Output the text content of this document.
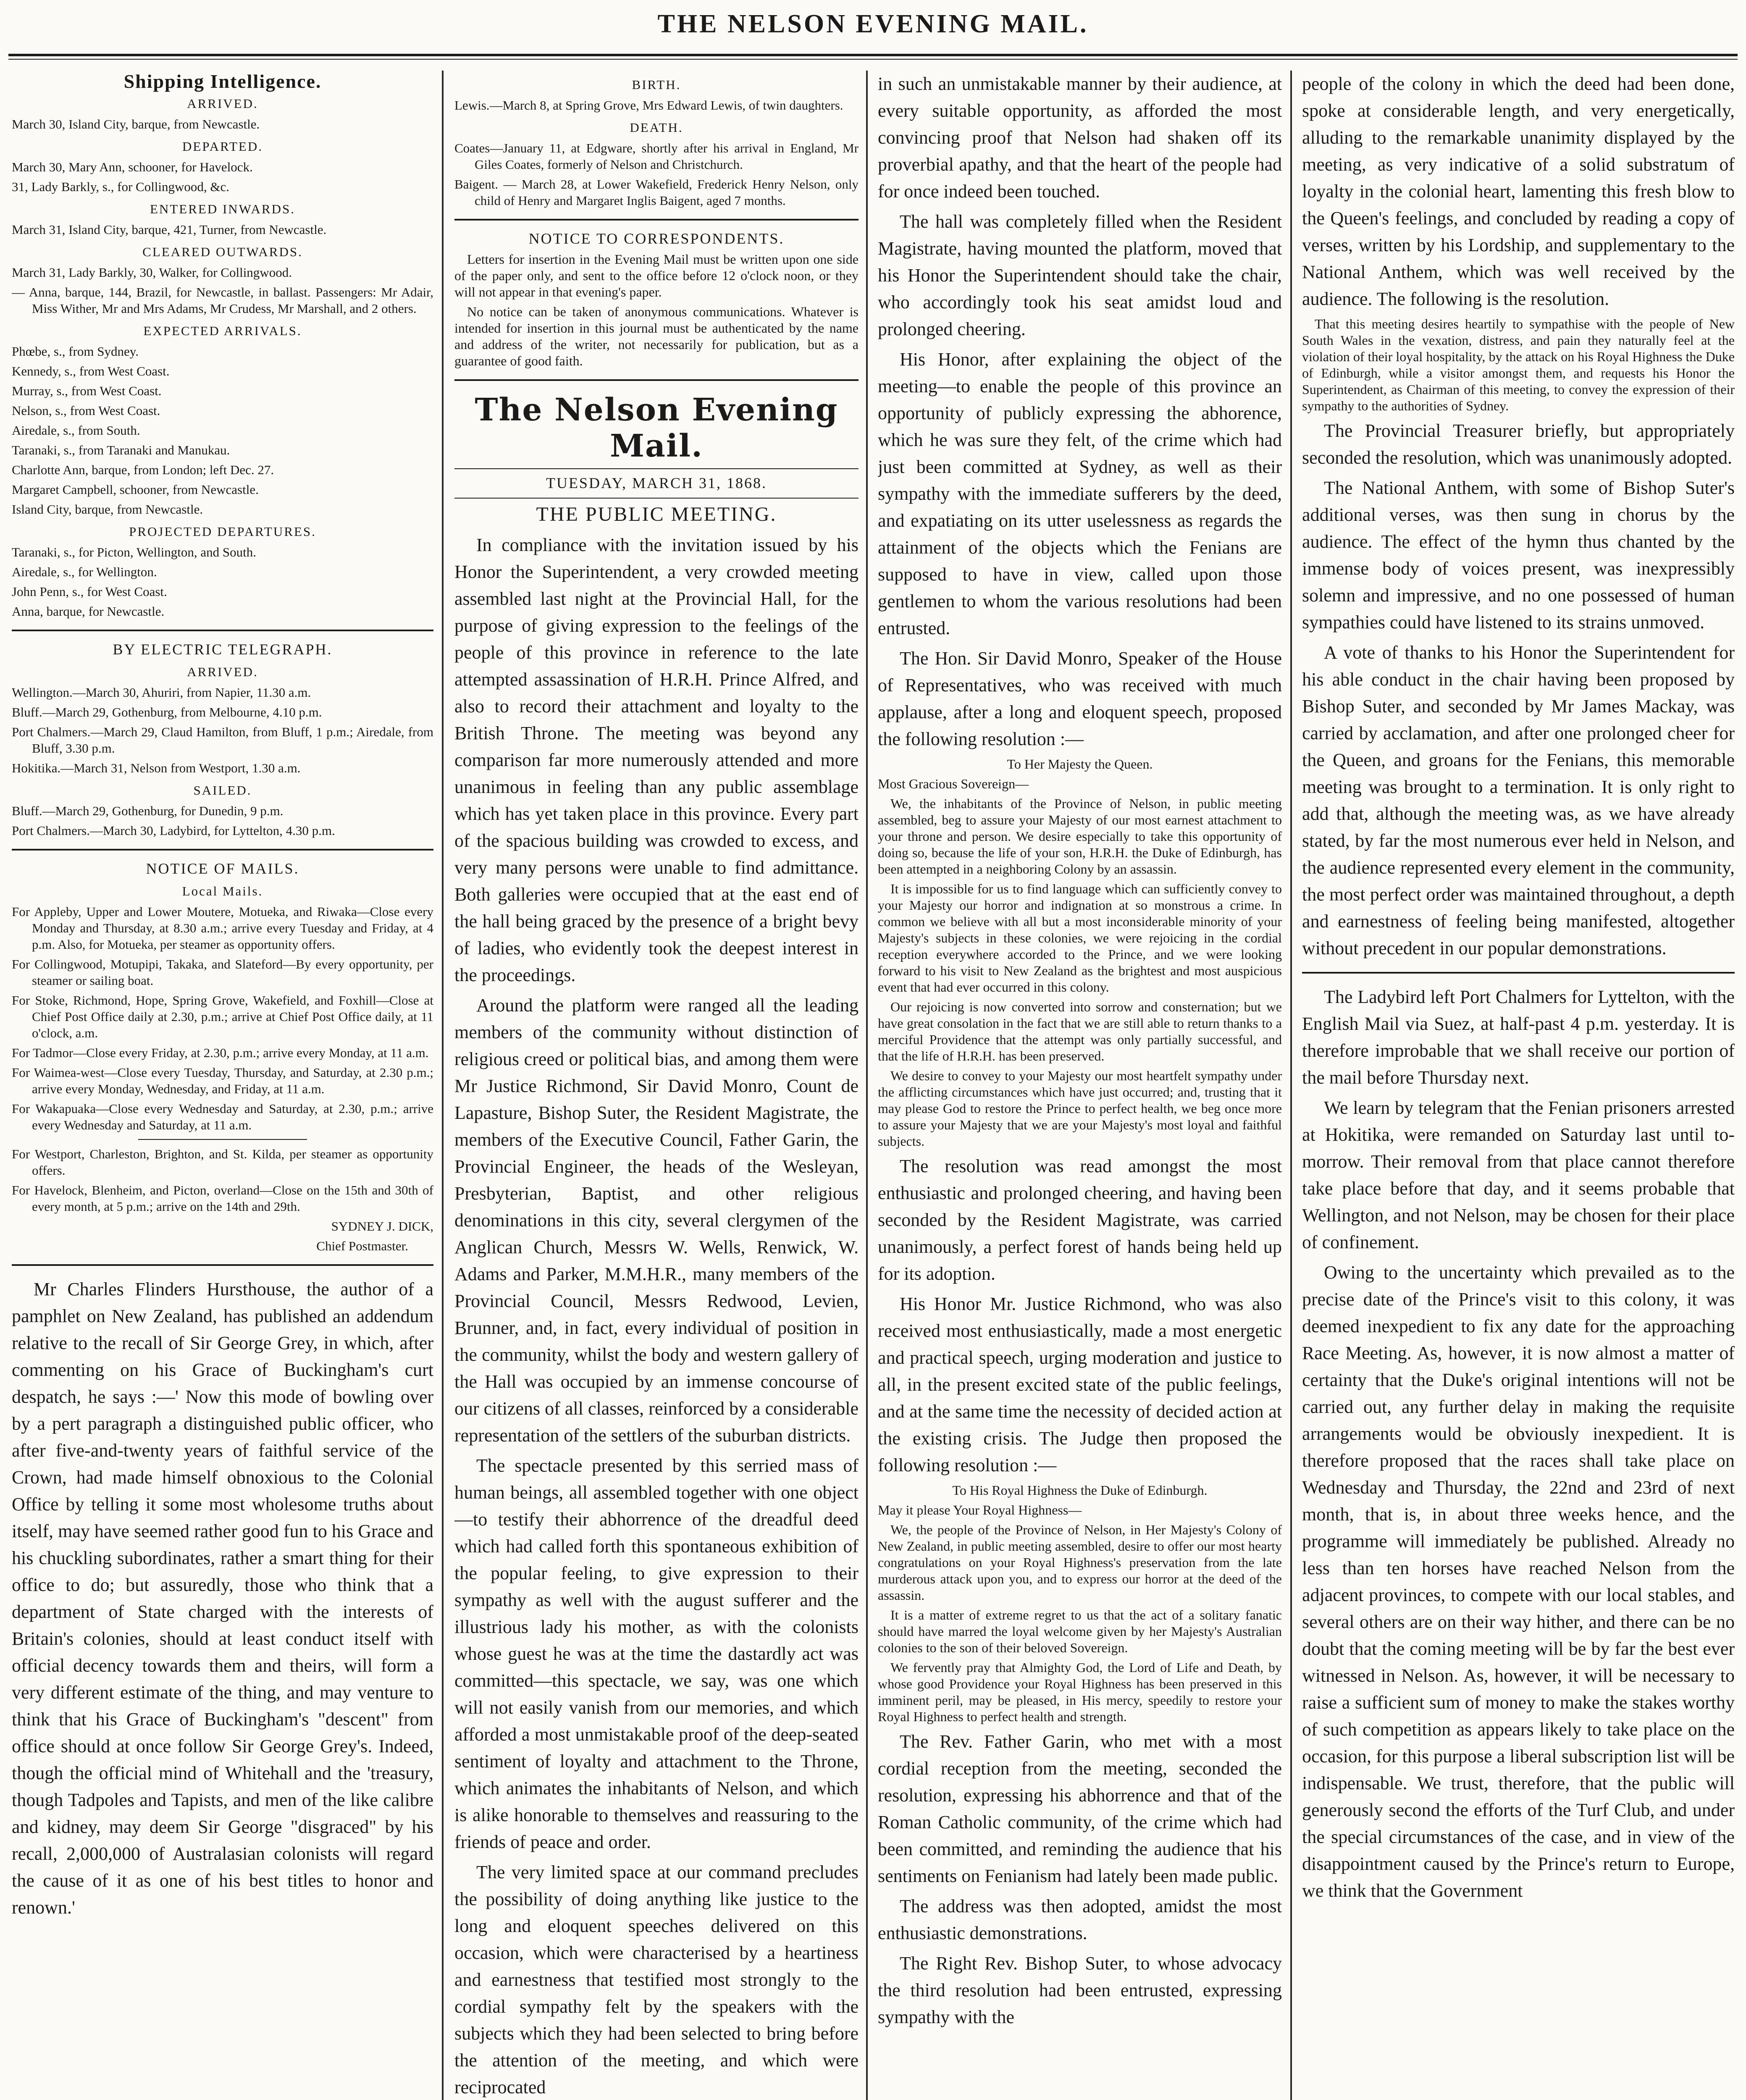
THE NELSON EVENING MAIL.
Shipping Intelligence.
ARRIVED.

March 30, Island City, barque, from Newcastle.

DEPARTED.

March 30, Mary Ann, schooner, for Havelock.

31, Lady Barkly, s., for Collingwood, &c.

ENTERED INWARDS.

March 31, Island City, barque, 421, Turner, from Newcastle.

CLEARED OUTWARDS.

March 31, Lady Barkly, 30, Walker, for Collingwood.

— Anna, barque, 144, Brazil, for Newcastle, in ballast. Passengers: Mr Adair, Miss Wither, Mr and Mrs Adams, Mr Crudess, Mr Marshall, and 2 others.

EXPECTED ARRIVALS.

Phœbe, s., from Sydney.

Kennedy, s., from West Coast.

Murray, s., from West Coast.

Nelson, s., from West Coast.

Airedale, s., from South.

Taranaki, s., from Taranaki and Manukau.

Charlotte Ann, barque, from London; left Dec. 27.

Margaret Campbell, schooner, from Newcastle.

Island City, barque, from Newcastle.

PROJECTED DEPARTURES.

Taranaki, s., for Picton, Wellington, and South.

Airedale, s., for Wellington.

John Penn, s., for West Coast.

Anna, barque, for Newcastle.

BY ELECTRIC TELEGRAPH.
ARRIVED.

Wellington.—March 30, Ahuriri, from Napier, 11.30 a.m.

Bluff.—March 29, Gothenburg, from Melbourne, 4.10 p.m.

Port Chalmers.—March 29, Claud Hamilton, from Bluff, 1 p.m.; Airedale, from Bluff, 3.30 p.m.

Hokitika.—March 31, Nelson from Westport, 1.30 a.m.

SAILED.

Bluff.—March 29, Gothenburg, for Dunedin, 9 p.m.

Port Chalmers.—March 30, Ladybird, for Lyttelton, 4.30 p.m.

NOTICE OF MAILS.
Local Mails.

For Appleby, Upper and Lower Moutere, Motueka, and Riwaka—Close every Monday and Thursday, at 8.30 a.m.; arrive every Tuesday and Friday, at 4 p.m. Also, for Motueka, per steamer as opportunity offers.

For Collingwood, Motupipi, Takaka, and Slateford—By every opportunity, per steamer or sailing boat.

For Stoke, Richmond, Hope, Spring Grove, Wakefield, and Foxhill—Close at Chief Post Office daily at 2.30, p.m.; arrive at Chief Post Office daily, at 11 o'clock, a.m.

For Tadmor—Close every Friday, at 2.30, p.m.; arrive every Monday, at 11 a.m.

For Waimea-west—Close every Tuesday, Thursday, and Saturday, at 2.30 p.m.; arrive every Monday, Wednesday, and Friday, at 11 a.m.

For Wakapuaka—Close every Wednesday and Saturday, at 2.30, p.m.; arrive every Wednesday and Saturday, at 11 a.m.

For Westport, Charleston, Brighton, and St. Kilda, per steamer as opportunity offers.

For Havelock, Blenheim, and Picton, overland—Close on the 15th and 30th of every month, at 5 p.m.; arrive on the 14th and 29th.

SYDNEY J. DICK,

Chief Postmaster.

Mr Charles Flinders Hursthouse, the author of a pamphlet on New Zealand, has published an addendum relative to the recall of Sir George Grey, in which, after commenting on his Grace of Buckingham's curt despatch, he says :—' Now this mode of bowling over by a pert paragraph a distinguished public officer, who after five-and-twenty years of faithful service of the Crown, had made himself obnoxious to the Colonial Office by telling it some most wholesome truths about itself, may have seemed rather good fun to his Grace and his chuckling subordinates, rather a smart thing for their office to do; but assuredly, those who think that a department of State charged with the interests of Britain's colonies, should at least conduct itself with official decency towards them and theirs, will form a very different estimate of the thing, and may venture to think that his Grace of Buckingham's "descent" from office should at once follow Sir George Grey's. Indeed, though the official mind of Whitehall and the 'treasury, though Tadpoles and Tapists, and men of the like calibre and kidney, may deem Sir George "disgraced" by his recall, 2,000,000 of Australasian colonists will regard the cause of it as one of his best titles to honor and renown.'

BIRTH.

Lewis.—March 8, at Spring Grove, Mrs Edward Lewis, of twin daughters.

DEATH.

Coates—January 11, at Edgware, shortly after his arrival in England, Mr Giles Coates, formerly of Nelson and Christchurch.

Baigent. — March 28, at Lower Wakefield, Frederick Henry Nelson, only child of Henry and Margaret Inglis Baigent, aged 7 months.

NOTICE TO CORRESPONDENTS.

Letters for insertion in the Evening Mail must be written upon one side of the paper only, and sent to the office before 12 o'clock noon, or they will not appear in that evening's paper.

No notice can be taken of anonymous communications. Whatever is intended for insertion in this journal must be authenticated by the name and address of the writer, not necessarily for publication, but as a guarantee of good faith.

The Nelson Evening Mail.
TUESDAY, MARCH 31, 1868.
THE PUBLIC MEETING.

In compliance with the invitation issued by his Honor the Superintendent, a very crowded meeting assembled last night at the Provincial Hall, for the purpose of giving expression to the feelings of the people of this province in reference to the late attempted assassination of H.R.H. Prince Alfred, and also to record their attachment and loyalty to the British Throne. The meeting was beyond any comparison far more numerously attended and more unanimous in feeling than any public assemblage which has yet taken place in this province. Every part of the spacious building was crowded to excess, and very many persons were unable to find admittance. Both galleries were occupied that at the east end of the hall being graced by the presence of a bright bevy of ladies, who evidently took the deepest interest in the proceedings.

Around the platform were ranged all the leading members of the community without distinction of religious creed or political bias, and among them were Mr Justice Richmond, Sir David Monro, Count de Lapasture, Bishop Suter, the Resident Magistrate, the members of the Executive Council, Father Garin, the Provincial Engineer, the heads of the Wesleyan, Presbyterian, Baptist, and other religious denominations in this city, several clergymen of the Anglican Church, Messrs W. Wells, Renwick, W. Adams and Parker, M.M.H.R., many members of the Provincial Council, Messrs Redwood, Levien, Brunner, and, in fact, every individual of position in the community, whilst the body and western gallery of the Hall was occupied by an immense concourse of our citizens of all classes, reinforced by a considerable representation of the settlers of the suburban districts.

The spectacle presented by this serried mass of human beings, all assembled together with one object—to testify their abhorrence of the dreadful deed which had called forth this spontaneous exhibition of the popular feeling, to give expression to their sympathy as well with the august sufferer and the illustrious lady his mother, as with the colonists whose guest he was at the time the dastardly act was committed—this spectacle, we say, was one which will not easily vanish from our memories, and which afforded a most unmistakable proof of the deep-seated sentiment of loyalty and attachment to the Throne, which animates the inhabitants of Nelson, and which is alike honorable to themselves and reassuring to the friends of peace and order.

The very limited space at our command precludes the possibility of doing anything like justice to the long and eloquent speeches delivered on this occasion, which were characterised by a heartiness and earnestness that testified most strongly to the cordial sympathy felt by the speakers with the subjects which they had been selected to bring before the attention of the meeting, and which were reciprocated

in such an unmistakable manner by their audience, at every suitable opportunity, as afforded the most convincing proof that Nelson had shaken off its proverbial apathy, and that the heart of the people had for once indeed been touched.

The hall was completely filled when the Resident Magistrate, having mounted the platform, moved that his Honor the Superintendent should take the chair, who accordingly took his seat amidst loud and prolonged cheering.

His Honor, after explaining the object of the meeting—to enable the people of this province an opportunity of publicly expressing the abhorence, which he was sure they felt, of the crime which had just been committed at Sydney, as well as their sympathy with the immediate sufferers by the deed, and expatiating on its utter uselessness as regards the attainment of the objects which the Fenians are supposed to have in view, called upon those gentlemen to whom the various resolutions had been entrusted.

The Hon. Sir David Monro, Speaker of the House of Representatives, who was received with much applause, after a long and eloquent speech, proposed the following resolution :—

To Her Majesty the Queen.

Most Gracious Sovereign—

We, the inhabitants of the Province of Nelson, in public meeting assembled, beg to assure your Majesty of our most earnest attachment to your throne and person. We desire especially to take this opportunity of doing so, because the life of your son, H.R.H. the Duke of Edinburgh, has been attempted in a neighboring Colony by an assassin.

It is impossible for us to find language which can sufficiently convey to your Majesty our horror and indignation at so monstrous a crime. In common we believe with all but a most inconsiderable minority of your Majesty's subjects in these colonies, we were rejoicing in the cordial reception everywhere accorded to the Prince, and we were looking forward to his visit to New Zealand as the brightest and most auspicious event that had ever occurred in this colony.

Our rejoicing is now converted into sorrow and consternation; but we have great consolation in the fact that we are still able to return thanks to a merciful Providence that the attempt was only partially successful, and that the life of H.R.H. has been preserved.

We desire to convey to your Majesty our most heartfelt sympathy under the afflicting circumstances which have just occurred; and, trusting that it may please God to restore the Prince to perfect health, we beg once more to assure your Majesty that we are your Majesty's most loyal and faithful subjects.

The resolution was read amongst the most enthusiastic and prolonged cheering, and having been seconded by the Resident Magistrate, was carried unanimously, a perfect forest of hands being held up for its adoption.

His Honor Mr. Justice Richmond, who was also received most enthusiastically, made a most energetic and practical speech, urging moderation and justice to all, in the present excited state of the public feelings, and at the same time the necessity of decided action at the existing crisis. The Judge then proposed the following resolution :—

To His Royal Highness the Duke of Edinburgh.

May it please Your Royal Highness—

We, the people of the Province of Nelson, in Her Majesty's Colony of New Zealand, in public meeting assembled, desire to offer our most hearty congratulations on your Royal Highness's preservation from the late murderous attack upon you, and to express our horror at the deed of the assassin.

It is a matter of extreme regret to us that the act of a solitary fanatic should have marred the loyal welcome given by her Majesty's Australian colonies to the son of their beloved Sovereign.

We fervently pray that Almighty God, the Lord of Life and Death, by whose good Providence your Royal Highness has been preserved in this imminent peril, may be pleased, in His mercy, speedily to restore your Royal Highness to perfect health and strength.

The Rev. Father Garin, who met with a most cordial reception from the meeting, seconded the resolution, expressing his abhorrence and that of the Roman Catholic community, of the crime which had been committed, and reminding the audience that his sentiments on Fenianism had lately been made public.

The address was then adopted, amidst the most enthusiastic demonstrations.

The Right Rev. Bishop Suter, to whose advocacy the third resolution had been entrusted, expressing sympathy with the

people of the colony in which the deed had been done, spoke at considerable length, and very energetically, alluding to the remarkable unanimity displayed by the meeting, as very indicative of a solid substratum of loyalty in the colonial heart, lamenting this fresh blow to the Queen's feelings, and concluded by reading a copy of verses, written by his Lordship, and supplementary to the National Anthem, which was well received by the audience. The following is the resolution.

That this meeting desires heartily to sympathise with the people of New South Wales in the vexation, distress, and pain they naturally feel at the violation of their loyal hospitality, by the attack on his Royal Highness the Duke of Edinburgh, while a visitor amongst them, and requests his Honor the Superintendent, as Chairman of this meeting, to convey the expression of their sympathy to the authorities of Sydney.

The Provincial Treasurer briefly, but appropriately seconded the resolution, which was unanimously adopted.

The National Anthem, with some of Bishop Suter's additional verses, was then sung in chorus by the audience. The effect of the hymn thus chanted by the immense body of voices present, was inexpressibly solemn and impressive, and no one possessed of human sympathies could have listened to its strains unmoved.

A vote of thanks to his Honor the Superintendent for his able conduct in the chair having been proposed by Bishop Suter, and seconded by Mr James Mackay, was carried by acclamation, and after one prolonged cheer for the Queen, and groans for the Fenians, this memorable meeting was brought to a termination. It is only right to add that, although the meeting was, as we have already stated, by far the most numerous ever held in Nelson, and the audience represented every element in the community, the most perfect order was maintained throughout, a depth and earnestness of feeling being manifested, altogether without precedent in our popular demonstrations.

The Ladybird left Port Chalmers for Lyttelton, with the English Mail via Suez, at half-past 4 p.m. yesterday. It is therefore improbable that we shall receive our portion of the mail before Thursday next.

We learn by telegram that the Fenian prisoners arrested at Hokitika, were remanded on Saturday last until to-morrow. Their removal from that place cannot therefore take place before that day, and it seems probable that Wellington, and not Nelson, may be chosen for their place of confinement.

Owing to the uncertainty which prevailed as to the precise date of the Prince's visit to this colony, it was deemed inexpedient to fix any date for the approaching Race Meeting. As, however, it is now almost a matter of certainty that the Duke's original intentions will not be carried out, any further delay in making the requisite arrangements would be obviously inexpedient. It is therefore proposed that the races shall take place on Wednesday and Thursday, the 22nd and 23rd of next month, that is, in about three weeks hence, and the programme will immediately be published. Already no less than ten horses have reached Nelson from the adjacent provinces, to compete with our local stables, and several others are on their way hither, and there can be no doubt that the coming meeting will be by far the best ever witnessed in Nelson. As, however, it will be necessary to raise a sufficient sum of money to make the stakes worthy of such competition as appears likely to take place on the occasion, for this purpose a liberal subscription list will be indispensable. We trust, therefore, that the public will generously second the efforts of the Turf Club, and under the special circumstances of the case, and in view of the disappointment caused by the Prince's return to Europe, we think that the Government
